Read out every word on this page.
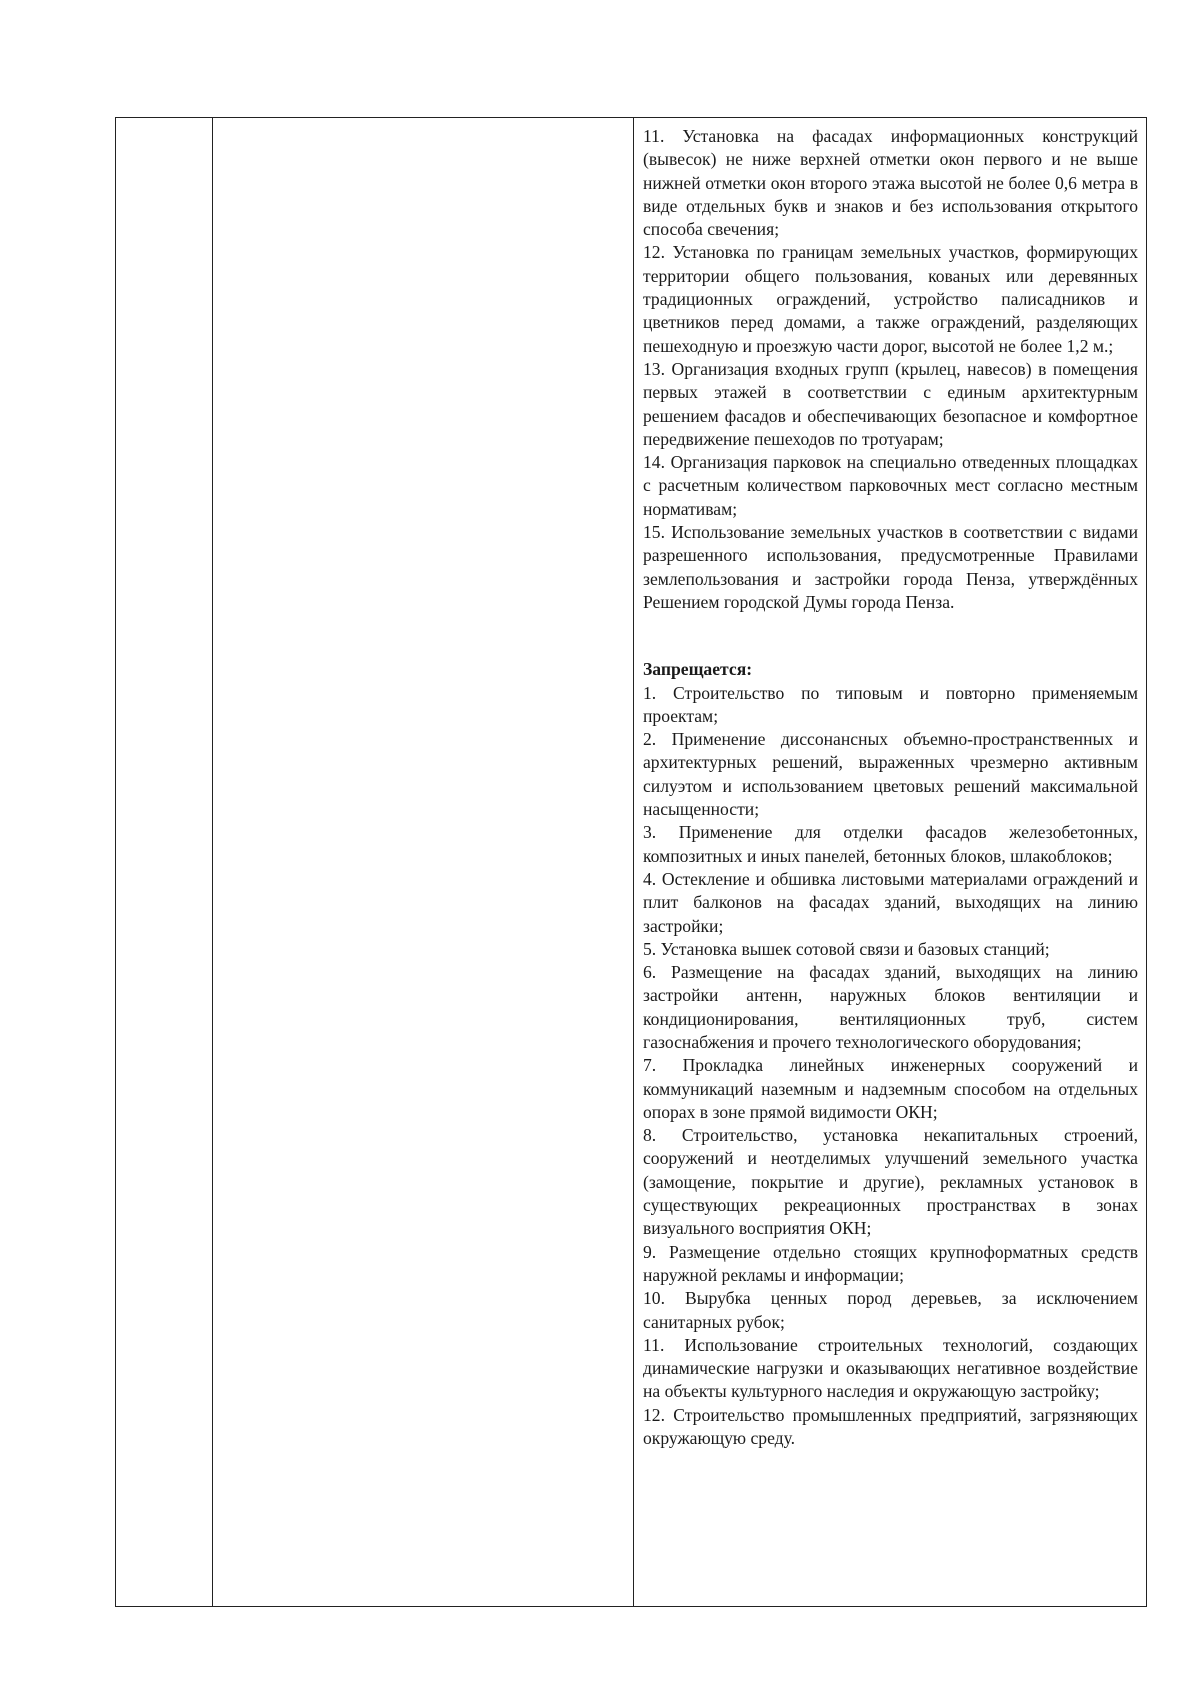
11. Установка на фасадах информационных конструкций (вывесок) не ниже верхней отметки окон первого и не выше нижней отметки окон второго этажа высотой не более 0,6 метра в виде отдельных букв и знаков и без использования открытого способа свечения;

12. Установка по границам земельных участков, формирующих территории общего пользования, кованых или деревянных традиционных ограждений, устройство палисадников и цветников перед домами, а также ограждений, разделяющих пешеходную и проезжую части дорог, высотой не более 1,2 м.;

13. Организация входных групп (крылец, навесов) в помещения первых этажей в соответствии с единым архитектурным решением фасадов и обеспечивающих безопасное и комфортное передвижение пешеходов по тротуарам;

14. Организация парковок на специально отведенных площадках с расчетным количеством парковочных мест согласно местным нормативам;

15. Использование земельных участков в соответствии с видами разрешенного использования, предусмотренные Правилами землепользования и застройки города Пенза, утверждённых Решением городской Думы города Пенза.

Запрещается:

1. Строительство по типовым и повторно применяемым проектам;

2. Применение диссонансных объемно-пространственных и архитектурных решений, выраженных чрезмерно активным силуэтом и использованием цветовых решений максимальной насыщенности;

3. Применение для отделки фасадов железобетонных, композитных и иных панелей, бетонных блоков, шлакоблоков;

4. Остекление и обшивка листовыми материалами ограждений и плит балконов на фасадах зданий, выходящих на линию застройки;

5. Установка вышек сотовой связи и базовых станций;

6. Размещение на фасадах зданий, выходящих на линию застройки антенн, наружных блоков вентиляции и кондиционирования, вентиляционных труб, систем газоснабжения и прочего технологического оборудования;

7. Прокладка линейных инженерных сооружений и коммуникаций наземным и надземным способом на отдельных опорах в зоне прямой видимости ОКН;

8. Строительство, установка некапитальных строений, сооружений и неотделимых улучшений земельного участка (замощение, покрытие и другие), рекламных установок в существующих рекреационных пространствах в зонах визуального восприятия ОКН;

9. Размещение отдельно стоящих крупноформатных средств наружной рекламы и информации;

10. Вырубка ценных пород деревьев, за исключением санитарных рубок;

11. Использование строительных технологий, создающих динамические нагрузки и оказывающих негативное воздействие на объекты культурного наследия и окружающую застройку;

12. Строительство промышленных предприятий, загрязняющих окружающую среду.
